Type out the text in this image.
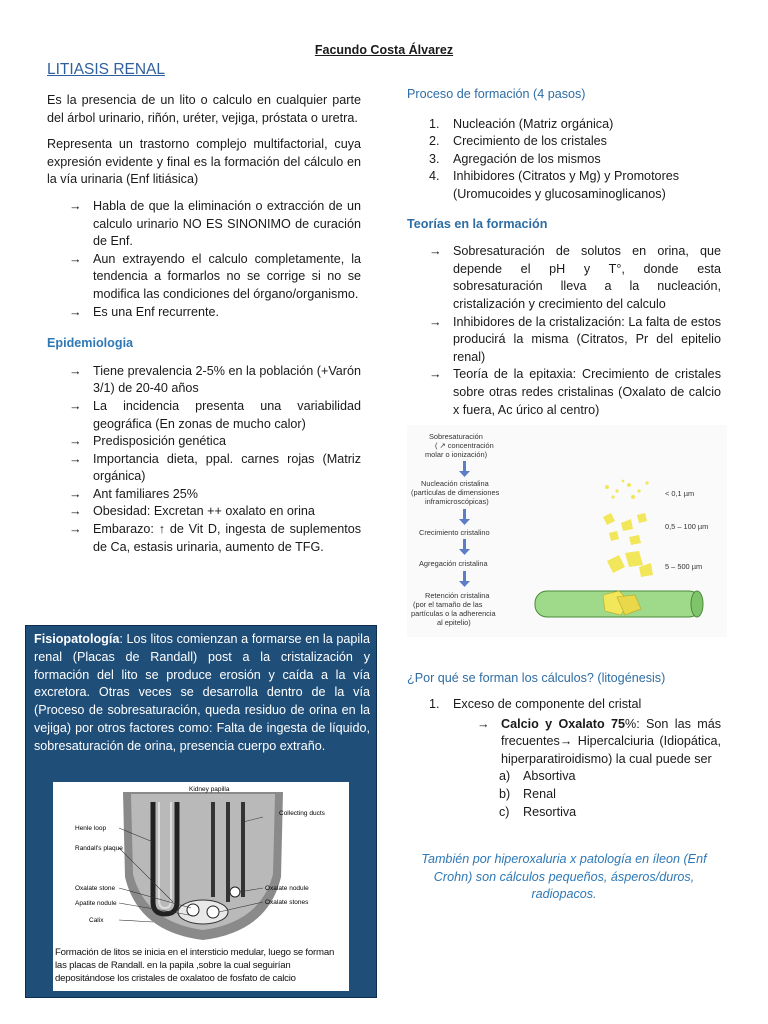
Facundo Costa Álvarez
LITIASIS RENAL

Es la presencia de un lito o calculo en cualquier parte del árbol urinario, riñón, uréter, vejiga, próstata o uretra.

Representa un trastorno complejo multifactorial, cuya expresión evidente y final es la formación del cálculo en la vía urinaria (Enf litiásica)

→ Habla de que la eliminación o extracción de un calculo urinario NO ES SINONIMO de curación de Enf.
→ Aun extrayendo el calculo completamente, la tendencia a formarlos no se corrige si no se modifica las condiciones del órgano/organismo.
→ Es una Enf recurrente.
Epidemiologia
→ Tiene prevalencia 2-5% en la población (+Varón 3/1) de 20-40 años
→ La incidencia presenta una variabilidad geográfica (En zonas de mucho calor)
→ Predisposición genética
→ Importancia dieta, ppal. carnes rojas (Matriz orgánica)
→ Ant familiares 25%
→ Obesidad: Excretan ++ oxalato en orina
→ Embarazo: ↑ de Vit D, ingesta de suplementos de Ca, estasis urinaria, aumento de TFG.
Fisiopatología: Los litos comienzan a formarse en la papila renal (Placas de Randall) post a la cristalización y formación del lito se produce erosión y caída a la vía excretora. Otras veces se desarrolla dentro de la vía (Proceso de sobresaturación, queda residuo de orina en la vejiga) por otros factores como: Falta de ingesta de líquido, sobresaturación de orina, presencia cuerpo extraño.
Kidney papilla
Collecting ducts
Henle loop
Randall's plaque
Oxalate stone
Apatite nodule
Calix
Oxalate nodule
Oxalate stones
Formación de litos se inicia en el intersticio medular, luego se forman las placas de Randall. en la papila ,sobre la cual seguirían depositándose los cristales de oxalatoo de fosfato de calcio
Proceso de formación (4 pasos)
1. Nucleación (Matriz orgánica)
2. Crecimiento de los cristales
3. Agregación de los mismos
4. Inhibidores (Citratos y Mg) y Promotores (Uromucoides y glucosaminoglicanos)
Teorías en la formación
→ Sobresaturación de solutos en orina, que depende el pH y T°, donde esta sobresaturación lleva a la nucleación, cristalización y crecimiento del calculo
→ Inhibidores de la cristalización: La falta de estos producirá la misma (Citratos, Pr del epitelio renal)
→ Teoría de la epitaxia: Crecimiento de cristales sobre otras redes cristalinas (Oxalato de calcio x fuera, Ac úrico al centro)
Sobresaturación
( ↗ concentración
molar o ionización)
Nucleación cristalina
(partículas de dimensiones
inframicroscópicas)
Crecimiento cristalino
Agregación cristalina
Retención cristalina
(por el tamaño de las
partículas o la adherencia
al epitelio)
< 0,1 µm
0,5 – 100 µm
5 – 500 µm
¿Por qué se forman los cálculos? (litogénesis)
1. Exceso de componente del cristal
→ Calcio y Oxalato 75%: Son las más frecuentes→ Hipercalciuria (Idiopática, hiperparatiroidismo) la cual puede ser
a) Absortiva
b) Renal
c) Resortiva
También por hiperoxaluria x patología en íleon (Enf Crohn) son cálculos pequeños, ásperos/duros, radiopacos.
